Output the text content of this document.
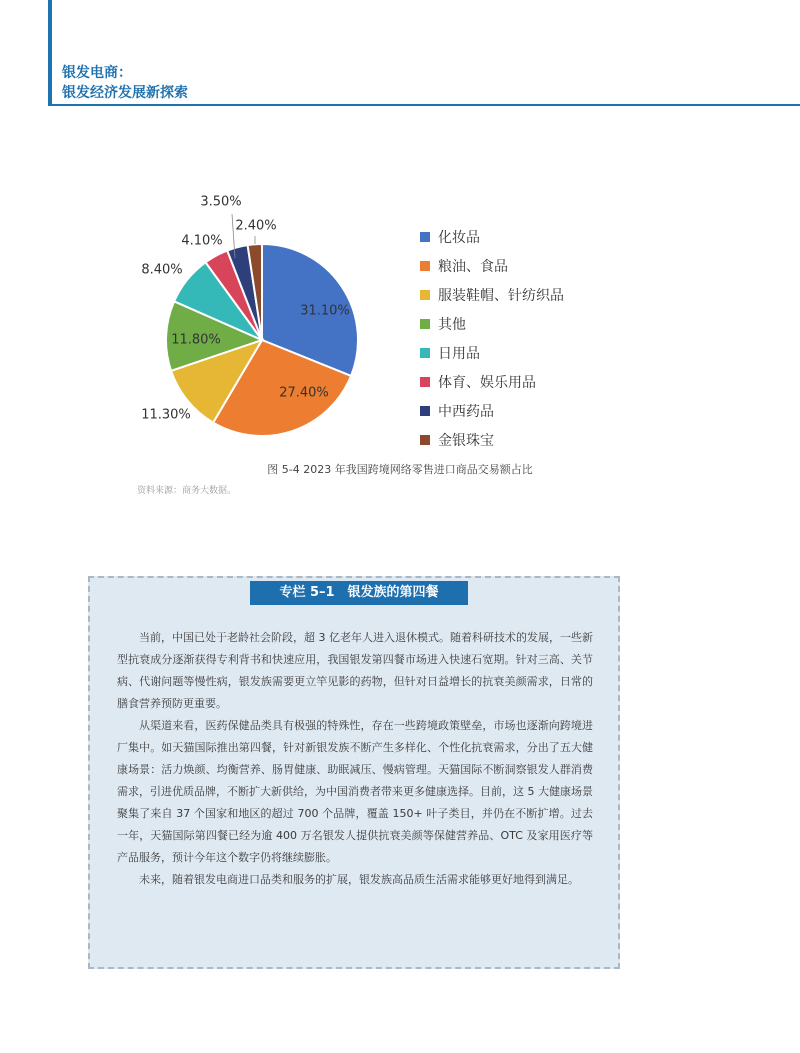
银发电商：
银发经济发展新探索
31.10%
27.40%
11.30%
11.80%
8.40%
4.10%
3.50%
2.40%
化妆品
粮油、食品
服装鞋帽、针纺织品
其他
日用品
体育、娱乐用品
中西药品
金银珠宝
图 5-4 2023 年我国跨境网络零售进口商品交易额占比
资料来源：商务大数据。
专栏 5–1　银发族的第四餐

当前，中国已处于老龄社会阶段，超 3 亿老年人进入退休模式。随着科研技术的发展，一些新型抗衰成分逐渐获得专利背书和快速应用，我国银发第四餐市场进入快速石宽期。针对三高、关节病、代谢问题等慢性病，银发族需要更立竿见影的药物，但针对日益增长的抗衰美颜需求，日常的膳食营养预防更重要。

从渠道来看，医药保健品类具有极强的特殊性，存在一些跨境政策壁垒，市场也逐渐向跨境进厂集中。如天猫国际推出第四餐，针对新银发族不断产生多样化、个性化抗衰需求，分出了五大健康场景：活力焕颜、均衡营养、肠胃健康、助眠减压、慢病管理。天猫国际不断洞察银发人群消费需求，引进优质品牌，不断扩大新供给，为中国消费者带来更多健康选择。目前，这 5 大健康场景聚集了来自 37 个国家和地区的超过 700 个品牌，覆盖 150+ 叶子类目，并仍在不断扩增。过去一年，天猫国际第四餐已经为逾 400 万名银发人提供抗衰美颜等保健营养品、OTC 及家用医疗等产品服务，预计今年这个数字仍将继续膨胀。

未来，随着银发电商进口品类和服务的扩展，银发族高品质生活需求能够更好地得到满足。
